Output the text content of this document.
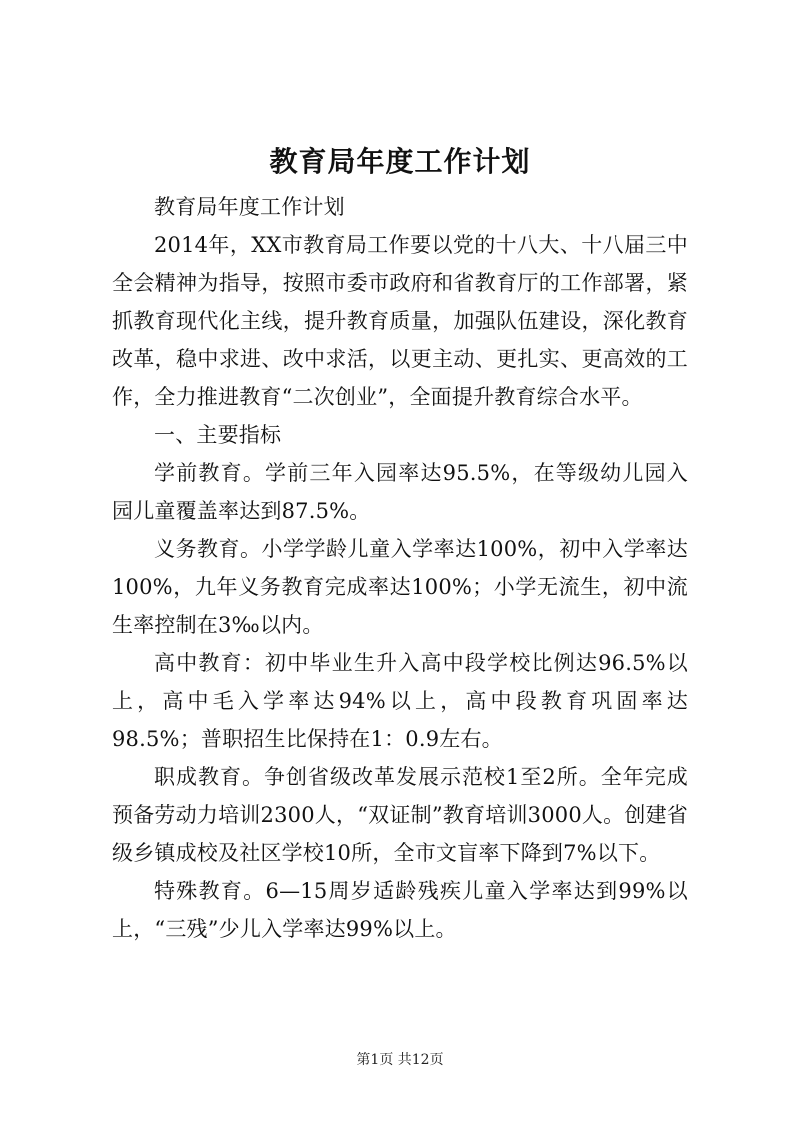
教育局年度工作计划

教育局年度工作计划

2014年，XX市教育局工作要以党的十八大、十八届三中全会精神为指导，按照市委市政府和省教育厅的工作部署，紧抓教育现代化主线，提升教育质量，加强队伍建设，深化教育改革，稳中求进、改中求活，以更主动、更扎实、更高效的工作，全力推进教育“二次创业”，全面提升教育综合水平。

一、主要指标

学前教育。学前三年入园率达95.5%，在等级幼儿园入园儿童覆盖率达到87.5%。

义务教育。小学学龄儿童入学率达100%，初中入学率达100%，九年义务教育完成率达100%；小学无流生，初中流生率控制在3‰以内。

高中教育：初中毕业生升入高中段学校比例达96.5%以上，高中毛入学率达94%以上，高中段教育巩固率达98.5%；普职招生比保持在1：0.9左右。

职成教育。争创省级改革发展示范校1至2所。全年完成预备劳动力培训2300人，“双证制”教育培训3000人。创建省级乡镇成校及社区学校10所，全市文盲率下降到7%以下。

特殊教育。6—15周岁适龄残疾儿童入学率达到99%以上，“三残”少儿入学率达99%以上。

第1页 共12页
